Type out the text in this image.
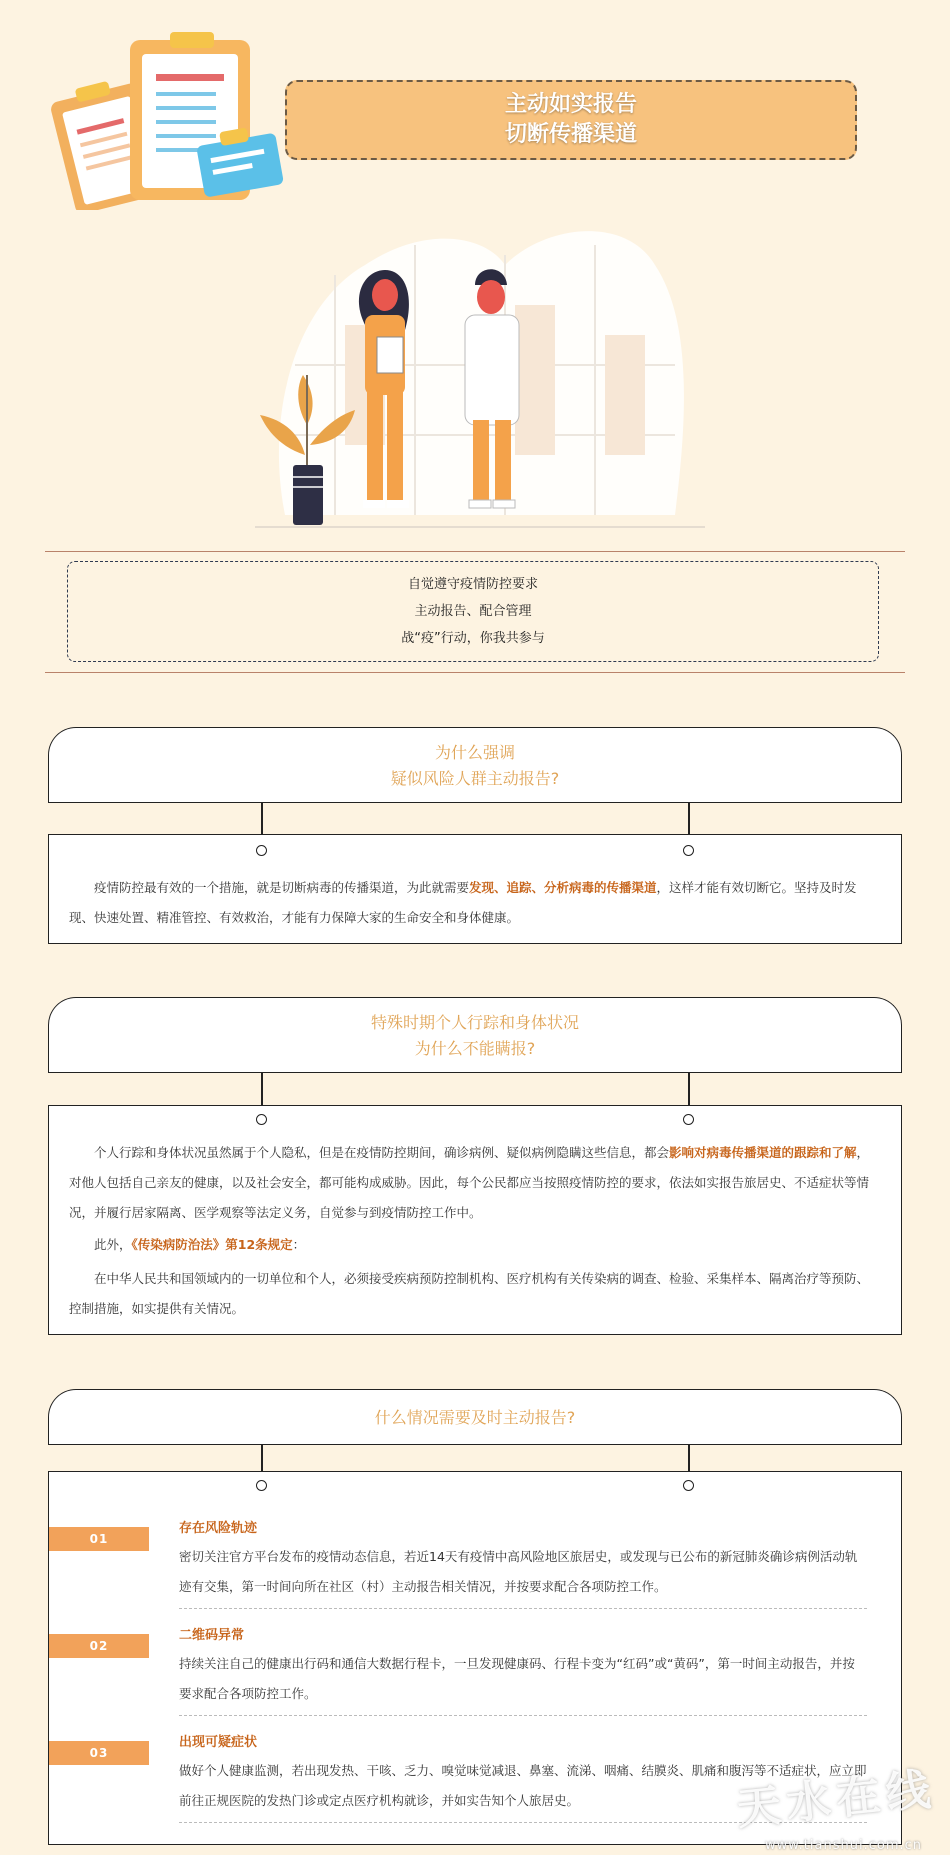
主动如实报告
切断传播渠道
自觉遵守疫情防控要求
主动报告、配合管理
战“疫”行动，你我共参与
为什么强调
疑似风险人群主动报告?

疫情防控最有效的一个措施，就是切断病毒的传播渠道，为此就需要发现、追踪、分析病毒的传播渠道，这样才能有效切断它。坚持及时发现、快速处置、精准管控、有效救治，才能有力保障大家的生命安全和身体健康。

特殊时期个人行踪和身体状况
为什么不能瞒报?

个人行踪和身体状况虽然属于个人隐私，但是在疫情防控期间，确诊病例、疑似病例隐瞒这些信息，都会影响对病毒传播渠道的跟踪和了解，对他人包括自己亲友的健康，以及社会安全，都可能构成威胁。因此，每个公民都应当按照疫情防控的要求，依法如实报告旅居史、不适症状等情况，并履行居家隔离、医学观察等法定义务，自觉参与到疫情防控工作中。

此外，《传染病防治法》第12条规定：

在中华人民共和国领域内的一切单位和个人，必须接受疾病预防控制机构、医疗机构有关传染病的调查、检验、采集样本、隔离治疗等预防、控制措施，如实提供有关情况。

什么情况需要及时主动报告?
01
存在风险轨迹
密切关注官方平台发布的疫情动态信息，若近14天有疫情中高风险地区旅居史，或发现与已公布的新冠肺炎确诊病例活动轨迹有交集，第一时间向所在社区（村）主动报告相关情况，并按要求配合各项防控工作。
02
二维码异常
持续关注自己的健康出行码和通信大数据行程卡，一旦发现健康码、行程卡变为“红码”或“黄码”，第一时间主动报告，并按要求配合各项防控工作。
03
出现可疑症状
做好个人健康监测，若出现发热、干咳、乏力、嗅觉味觉减退、鼻塞、流涕、咽痛、结膜炎、肌痛和腹泻等不适症状，应立即前往正规医院的发热门诊或定点医疗机构就诊，并如实告知个人旅居史。	天水在线
www.tianshui.com.cn
